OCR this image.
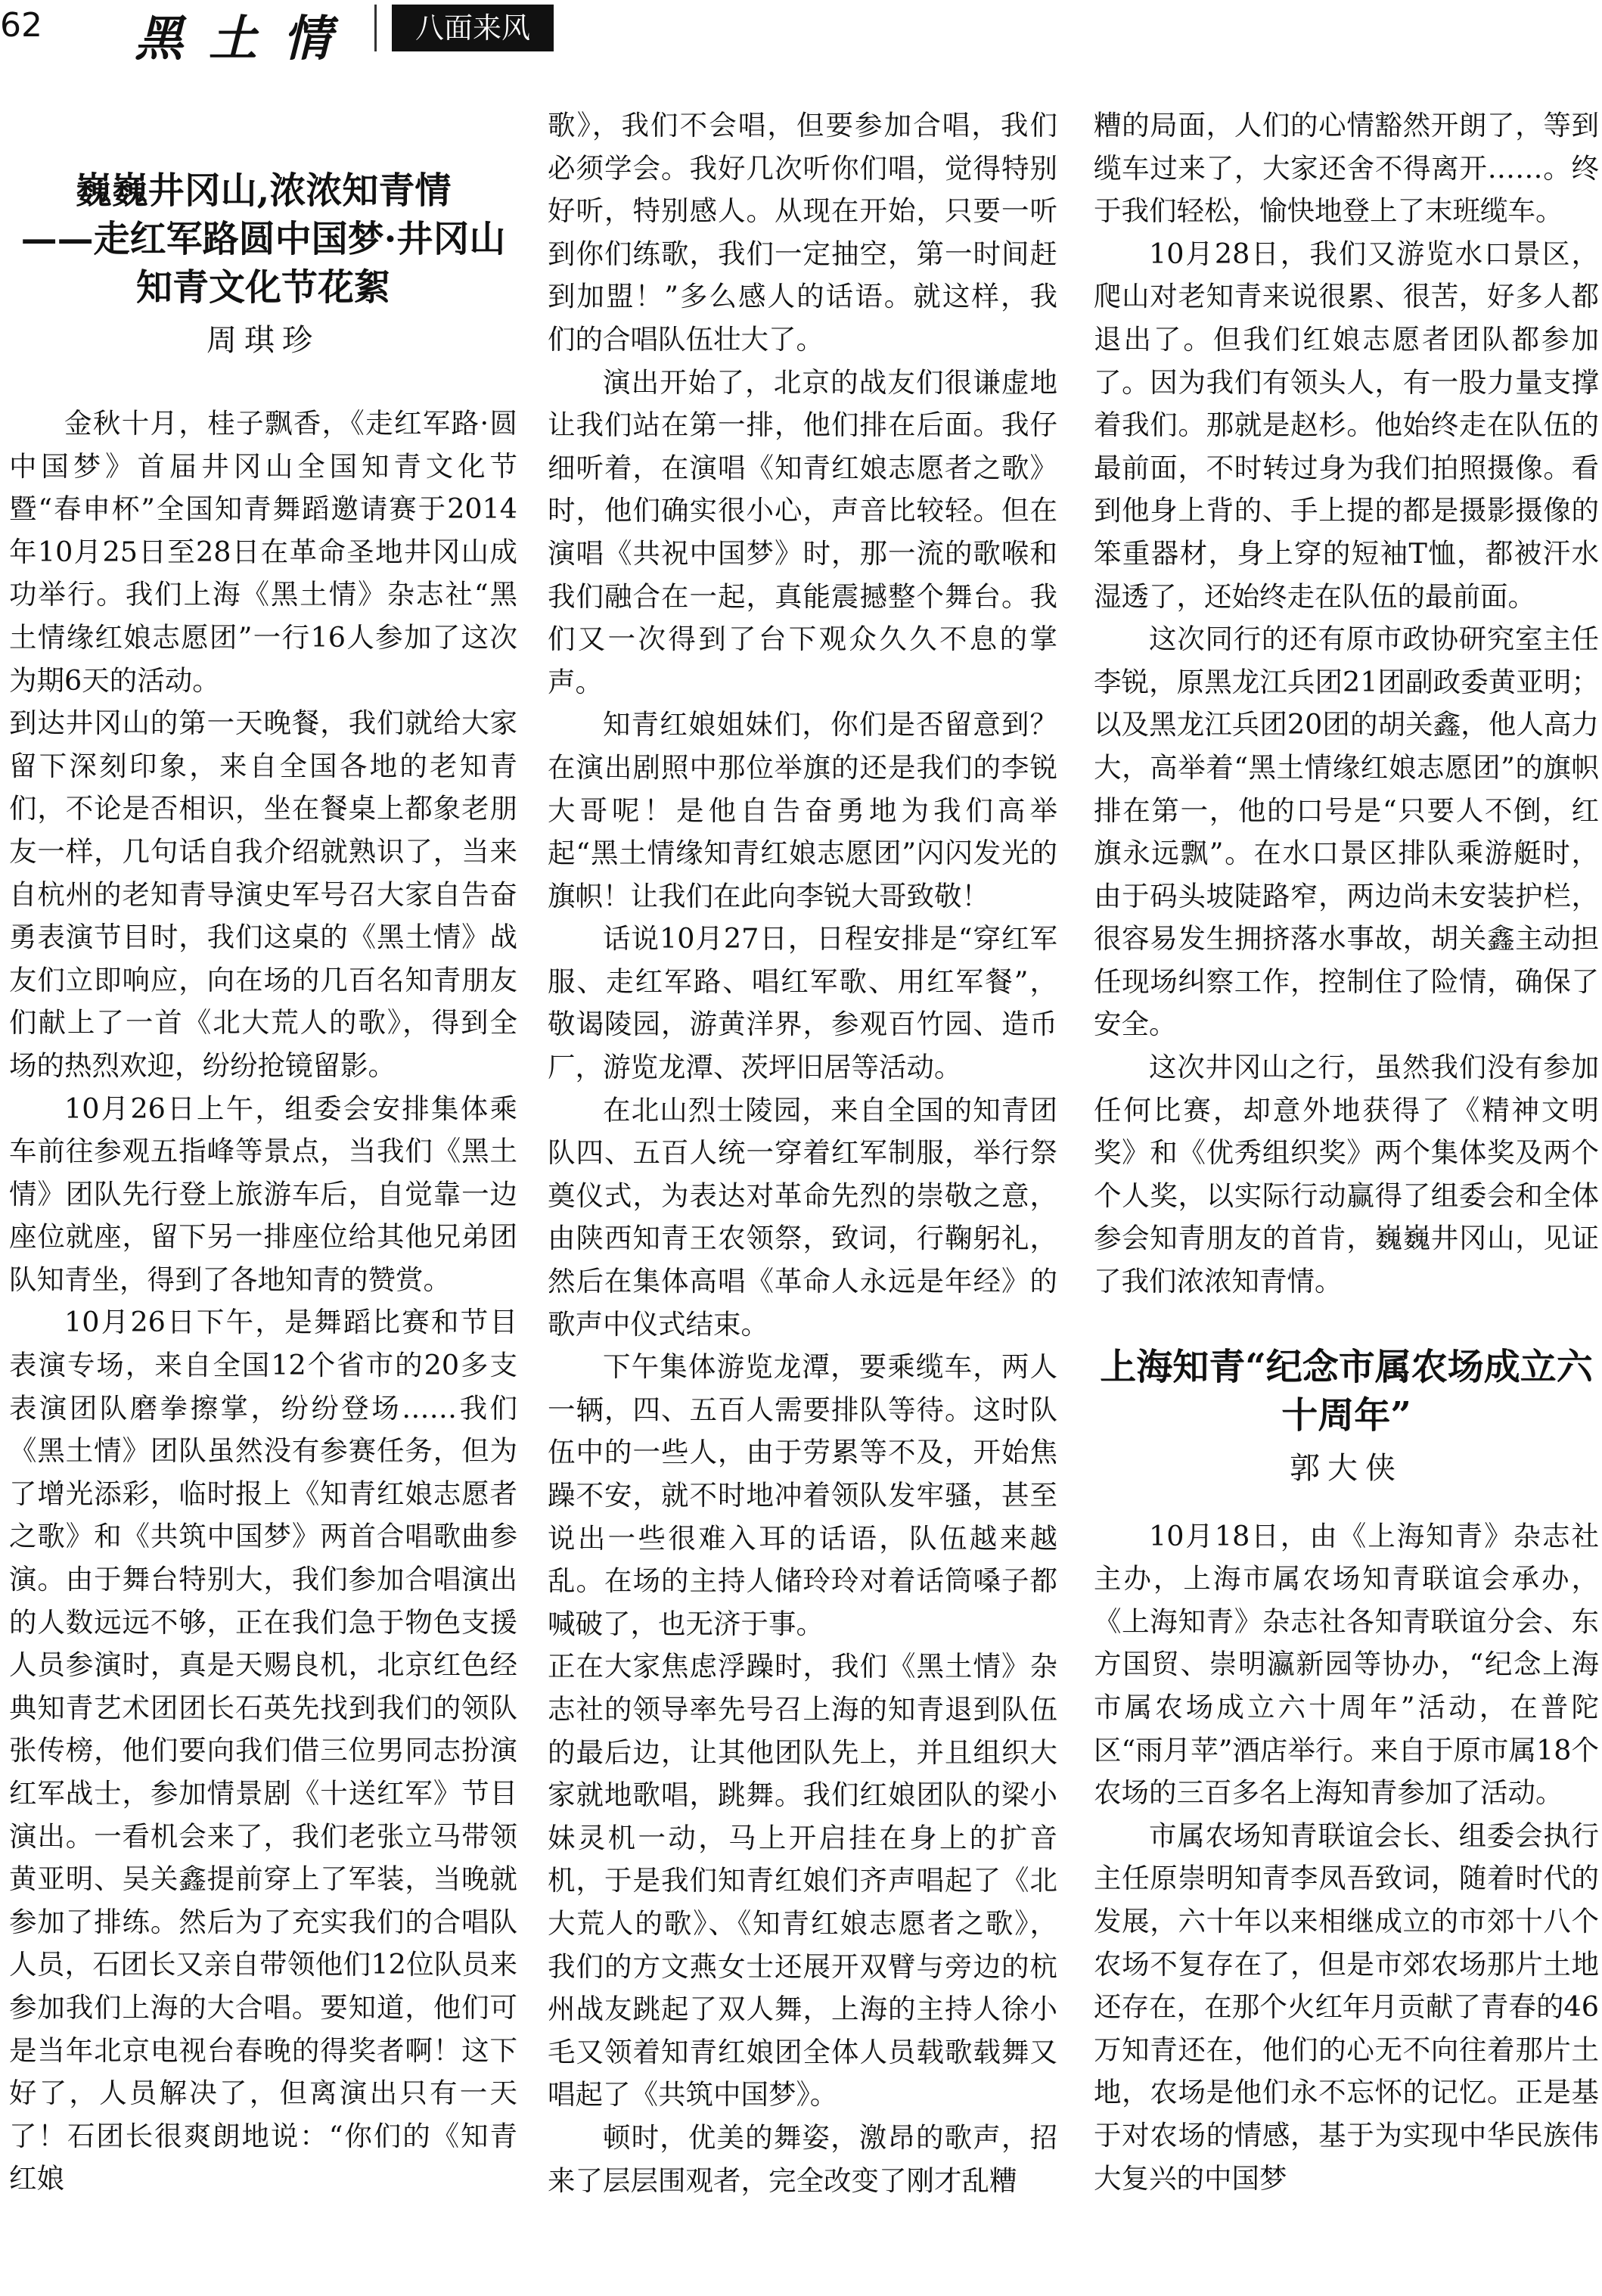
62 黑土情	八面来风
巍巍井冈山,浓浓知青情
——走红军路圆中国梦·井冈山知青文化节花絮
周琪珍

金秋十月，桂子飘香，《走红军路·圆中国梦》首届井冈山全国知青文化节暨“春申杯”全国知青舞蹈邀请赛于2014年10月25日至28日在革命圣地井冈山成功举行。我们上海《黑土情》杂志社“黑土情缘红娘志愿团”一行16人参加了这次为期6天的活动。

到达井冈山的第一天晚餐，我们就给大家留下深刻印象，来自全国各地的老知青们，不论是否相识，坐在餐桌上都象老朋友一样，几句话自我介绍就熟识了，当来自杭州的老知青导演史军号召大家自告奋勇表演节目时，我们这桌的《黑土情》战友们立即响应，向在场的几百名知青朋友们献上了一首《北大荒人的歌》，得到全场的热烈欢迎，纷纷抢镜留影。

10月26日上午，组委会安排集体乘车前往参观五指峰等景点，当我们《黑土情》团队先行登上旅游车后，自觉靠一边座位就座，留下另一排座位给其他兄弟团队知青坐，得到了各地知青的赞赏。

10月26日下午，是舞蹈比赛和节目表演专场，来自全国12个省市的20多支表演团队磨拳擦掌，纷纷登场……我们《黑土情》团队虽然没有参赛任务，但为了增光添彩，临时报上《知青红娘志愿者之歌》和《共筑中国梦》两首合唱歌曲参演。由于舞台特别大，我们参加合唱演出的人数远远不够，正在我们急于物色支援人员参演时，真是天赐良机，北京红色经典知青艺术团团长石英先找到我们的领队张传榜，他们要向我们借三位男同志扮演红军战士，参加情景剧《十送红军》节目演出。一看机会来了，我们老张立马带领黄亚明、吴关鑫提前穿上了军装，当晚就参加了排练。然后为了充实我们的合唱队人员，石团长又亲自带领他们12位队员来参加我们上海的大合唱。要知道，他们可是当年北京电视台春晚的得奖者啊！这下好了，人员解决了，但离演出只有一天了！石团长很爽朗地说：“你们的《知青红娘

歌》，我们不会唱，但要参加合唱，我们必须学会。我好几次听你们唱，觉得特别好听，特别感人。从现在开始，只要一听到你们练歌，我们一定抽空，第一时间赶到加盟！”多么感人的话语。就这样，我们的合唱队伍壮大了。

演出开始了，北京的战友们很谦虚地让我们站在第一排，他们排在后面。我仔细听着，在演唱《知青红娘志愿者之歌》时，他们确实很小心，声音比较轻。但在演唱《共祝中国梦》时，那一流的歌喉和我们融合在一起，真能震撼整个舞台。我们又一次得到了台下观众久久不息的掌声。

知青红娘姐妹们，你们是否留意到？在演出剧照中那位举旗的还是我们的李锐大哥呢！是他自告奋勇地为我们高举起“黑土情缘知青红娘志愿团”闪闪发光的旗帜！让我们在此向李锐大哥致敬！

话说10月27日，日程安排是“穿红军服、走红军路、唱红军歌、用红军餐”，敬谒陵园，游黄洋界，参观百竹园、造币厂，游览龙潭、茨坪旧居等活动。

在北山烈士陵园，来自全国的知青团队四、五百人统一穿着红军制服，举行祭奠仪式，为表达对革命先烈的崇敬之意，由陕西知青王农领祭，致词，行鞠躬礼，然后在集体高唱《革命人永远是年经》的歌声中仪式结束。

下午集体游览龙潭，要乘缆车，两人一辆，四、五百人需要排队等待。这时队伍中的一些人，由于劳累等不及，开始焦躁不安，就不时地冲着领队发牢骚，甚至说出一些很难入耳的话语，队伍越来越乱。在场的主持人储玲玲对着话筒嗓子都喊破了，也无济于事。

正在大家焦虑浮躁时，我们《黑土情》杂志社的领导率先号召上海的知青退到队伍的最后边，让其他团队先上，并且组织大家就地歌唱，跳舞。我们红娘团队的梁小妹灵机一动，马上开启挂在身上的扩音机，于是我们知青红娘们齐声唱起了《北大荒人的歌》、《知青红娘志愿者之歌》，我们的方文燕女士还展开双臂与旁边的杭州战友跳起了双人舞，上海的主持人徐小毛又领着知青红娘团全体人员载歌载舞又唱起了《共筑中国梦》。

顿时，优美的舞姿，激昂的歌声，招来了层层围观者，完全改变了刚才乱糟

糟的局面，人们的心情豁然开朗了，等到缆车过来了，大家还舍不得离开……。终于我们轻松，愉快地登上了末班缆车。

10月28日，我们又游览水口景区，爬山对老知青来说很累、很苦，好多人都退出了。但我们红娘志愿者团队都参加了。因为我们有领头人，有一股力量支撑着我们。那就是赵杉。他始终走在队伍的最前面，不时转过身为我们拍照摄像。看到他身上背的、手上提的都是摄影摄像的笨重器材，身上穿的短袖T恤，都被汗水湿透了，还始终走在队伍的最前面。

这次同行的还有原市政协研究室主任李锐，原黑龙江兵团21团副政委黄亚明；以及黑龙江兵团20团的胡关鑫，他人高力大，高举着“黑土情缘红娘志愿团”的旗帜排在第一，他的口号是“只要人不倒，红旗永远飘”。在水口景区排队乘游艇时，由于码头坡陡路窄，两边尚未安装护栏，很容易发生拥挤落水事故，胡关鑫主动担任现场纠察工作，控制住了险情，确保了安全。

这次井冈山之行，虽然我们没有参加任何比赛，却意外地获得了《精神文明奖》和《优秀组织奖》两个集体奖及两个个人奖，以实际行动赢得了组委会和全体参会知青朋友的首肯，巍巍井冈山，见证了我们浓浓知青情。

上海知青“纪念市属农场成立六十周年”
郭大侠

10月18日，由《上海知青》杂志社主办，上海市属农场知青联谊会承办，《上海知青》杂志社各知青联谊分会、东方国贸、崇明瀛新园等协办，“纪念上海市属农场成立六十周年”活动，在普陀区“雨月苹”酒店举行。来自于原市属18个农场的三百多名上海知青参加了活动。

市属农场知青联谊会长、组委会执行主任原崇明知青李凤吾致词，随着时代的发展，六十年以来相继成立的市郊十八个农场不复存在了，但是市郊农场那片土地还存在，在那个火红年月贡献了青春的46万知青还在，他们的心无不向往着那片土地，农场是他们永不忘怀的记忆。正是基于对农场的情感，基于为实现中华民族伟大复兴的中国梦
